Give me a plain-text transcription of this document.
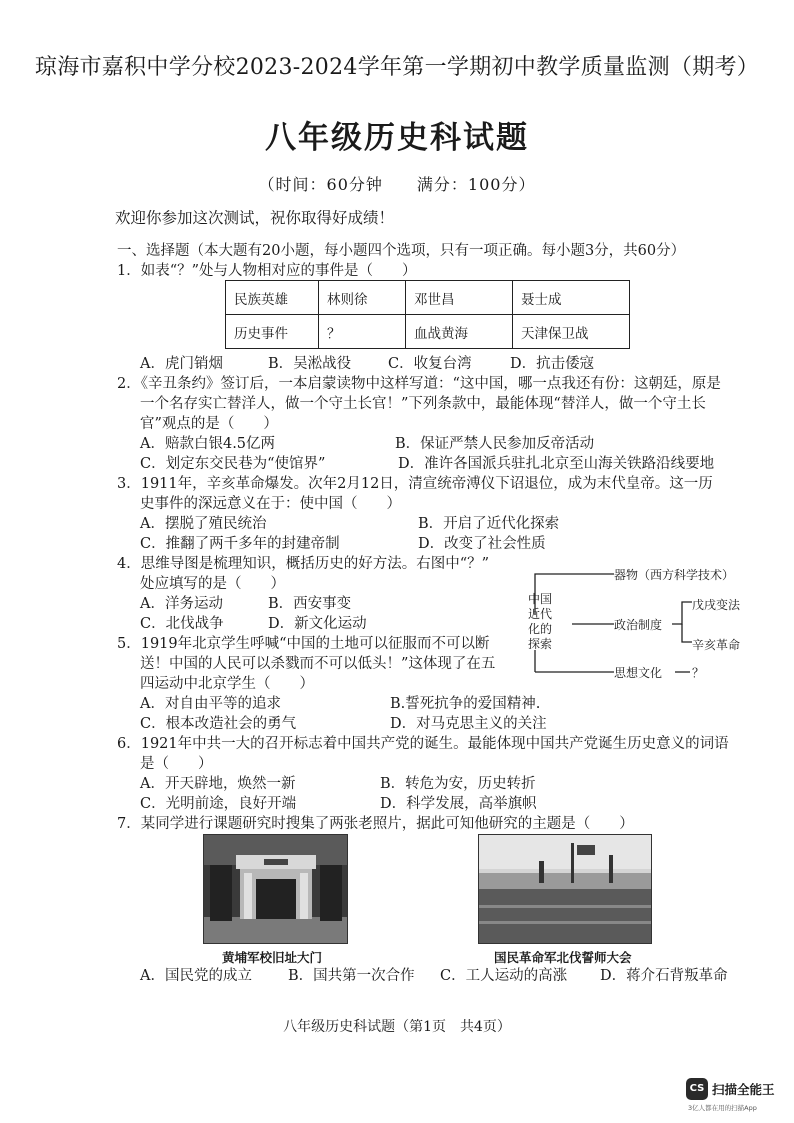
琼海市嘉积中学分校2023-2024学年第一学期初中教学质量监测（期考）
八年级历史科试题
（时间：60分钟　　满分：100分）
欢迎你参加这次测试，祝你取得好成绩！
一、选择题（本大题有20小题，每小题四个选项，只有一项正确。每小题3分，共60分）
1．如表“？”处与人物相对应的事件是（　　）
民族英雄	林则徐	邓世昌	聂士成
历史事件	？	血战黄海	天津保卫战
A．虎门销烟	B．吴淞战役	C．收复台湾	D．抗击倭寇
2．《辛丑条约》签订后，一本启蒙读物中这样写道：“这中国，哪一点我还有份：这朝廷，原是
一个名存实亡替洋人，做一个守土长官！”下列条款中，最能体现“替洋人，做一个守土长
官”观点的是（　　）
A．赔款白银4.5亿两	B．保证严禁人民参加反帝活动
C．划定东交民巷为“使馆界”	D．准许各国派兵驻扎北京至山海关铁路沿线要地
3．1911年，辛亥革命爆发。次年2月12日，清宣统帝溥仪下诏退位，成为末代皇帝。这一历
史事件的深远意义在于：使中国（　　）
A．摆脱了殖民统治	B．开启了近代化探索
C．推翻了两千多年的封建帝制	D．改变了社会性质
4．思维导图是梳理知识，概括历史的好方法。右图中“？”
处应填写的是（　　）
A．洋务运动	B．西安事变
C．北伐战争	D．新文化运动
中国
近代
化的
探索
器物（西方科学技术）
政治制度
戊戌变法
辛亥革命
思想文化 ？
5．1919年北京学生呼喊“中国的土地可以征服而不可以断
送！中国的人民可以杀戮而不可以低头！”这体现了在五
四运动中北京学生（　　）
A．对自由平等的追求	B.誓死抗争的爱国精神.
C．根本改造社会的勇气	D．对马克思主义的关注
6．1921年中共一大的召开标志着中国共产党的诞生。最能体现中国共产党诞生历史意义的词语
是（　　）
A．开天辟地，焕然一新	B．转危为安，历史转折
C．光明前途，良好开端	D．科学发展，高举旗帜
7．某同学进行课题研究时搜集了两张老照片，据此可知他研究的主题是（　　）
黄埔军校旧址大门	国民革命军北伐誓师大会
A．国民党的成立 B．国共第一次合作 C．工人运动的高涨 D．蒋介石背叛革命
八年级历史科试题（第1页　共4页）
CS 扫描全能王
3亿人都在用的扫描App
